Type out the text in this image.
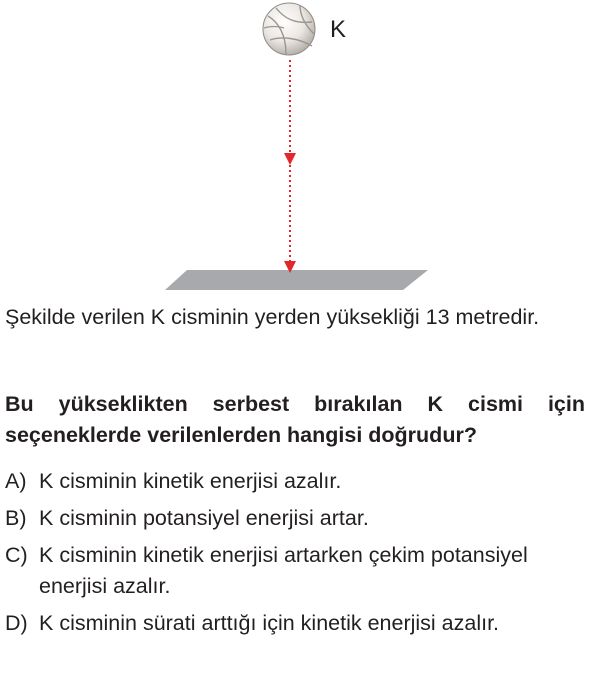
K
Şekilde verilen K cisminin yerden yüksekliği 13 metredir.
Bu yükseklikten serbest bırakılan K cismi için seçeneklerde verilenlerden hangisi doğrudur?
A) K cisminin kinetik enerjisi azalır.
B) K cisminin potansiyel enerjisi artar.
C) K cisminin kinetik enerjisi artarken çekim potansiyel enerjisi azalır.
D) K cisminin sürati arttığı için kinetik enerjisi azalır.
